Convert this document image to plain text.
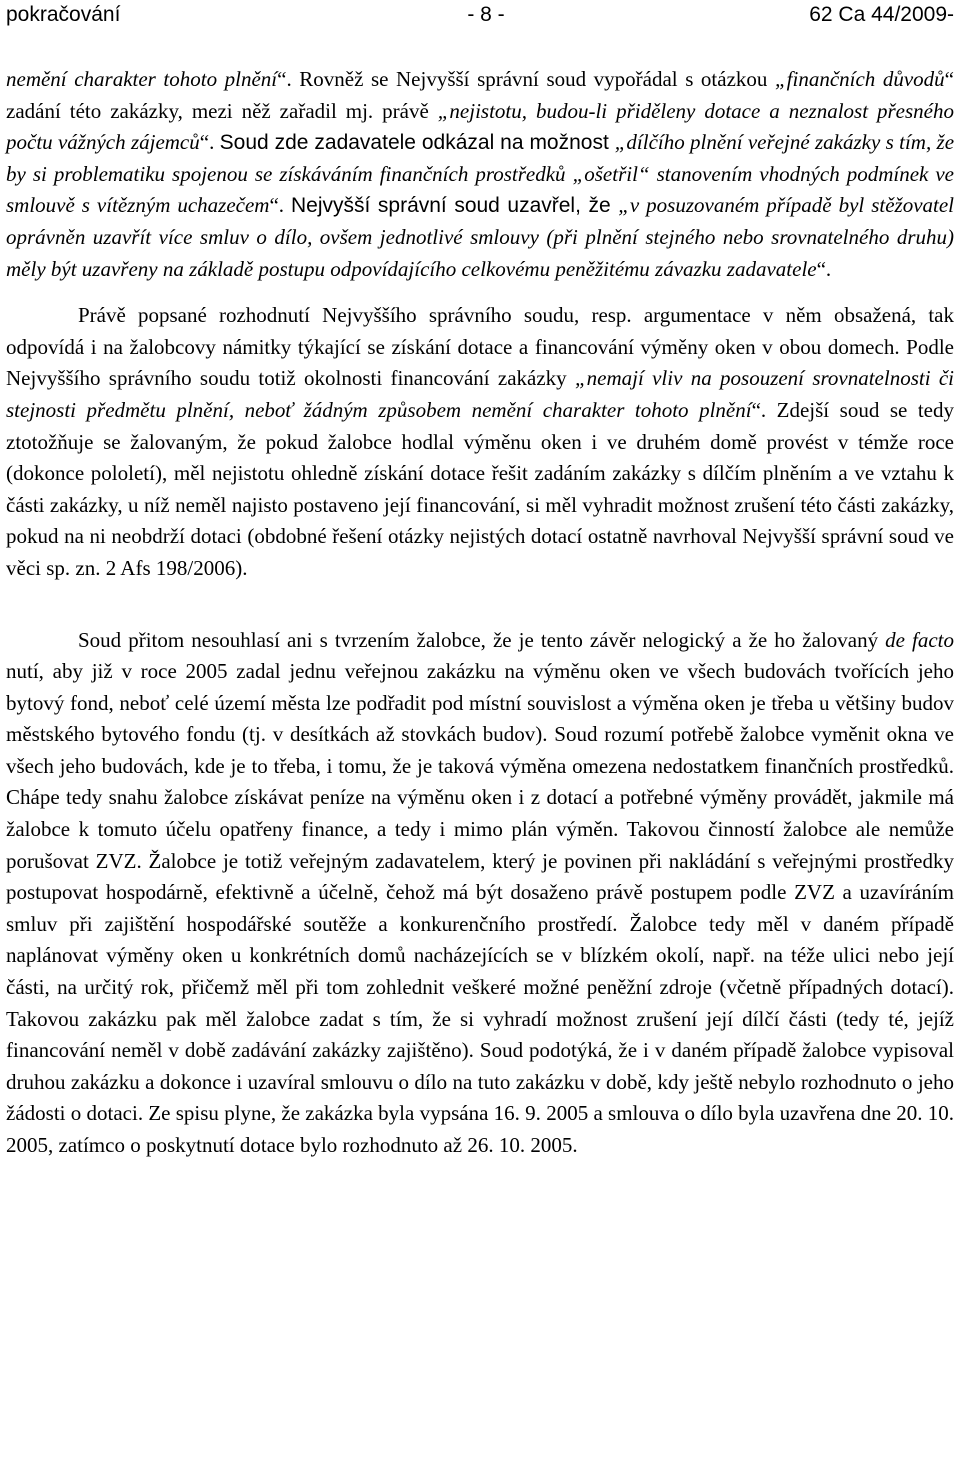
pokračování	- 8 -	62 Ca 44/2009-

nemění charakter tohoto plnění“. Rovněž se Nejvyšší správní soud vypořádal s otázkou „finančních důvodů“ zadání této zakázky, mezi něž zařadil mj. právě „nejistotu, budou-li přiděleny dotace a neznalost přesného počtu vážných zájemců“. Soud zde zadavatele odkázal na možnost „dílčího plnění veřejné zakázky s tím, že by si problematiku spojenou se získáváním finančních prostředků „ošetřil“ stanovením vhodných podmínek ve smlouvě s vítězným uchazečem“. Nejvyšší správní soud uzavřel, že „v posuzovaném případě byl stěžovatel oprávněn uzavřít více smluv o dílo, ovšem jednotlivé smlouvy (při plnění stejného nebo srovnatelného druhu) měly být uzavřeny na základě postupu odpovídajícího celkovému peněžitému závazku zadavatele“.

Právě popsané rozhodnutí Nejvyššího správního soudu, resp. argumentace v něm obsažená, tak odpovídá i na žalobcovy námitky týkající se získání dotace a financování výměny oken v obou domech. Podle Nejvyššího správního soudu totiž okolnosti financování zakázky „nemají vliv na posouzení srovnatelnosti či stejnosti předmětu plnění, neboť žádným způsobem nemění charakter tohoto plnění“. Zdejší soud se tedy ztotožňuje se žalovaným, že pokud žalobce hodlal výměnu oken i ve druhém domě provést v témže roce (dokonce pololetí), měl nejistotu ohledně získání dotace řešit zadáním zakázky s dílčím plněním a ve vztahu k části zakázky, u níž neměl najisto postaveno její financování, si měl vyhradit možnost zrušení této části zakázky, pokud na ni neobdrží dotaci (obdobné řešení otázky nejistých dotací ostatně navrhoval Nejvyšší správní soud ve věci sp. zn. 2 Afs 198/2006).

Soud přitom nesouhlasí ani s tvrzením žalobce, že je tento závěr nelogický a že ho žalovaný de facto nutí, aby již v roce 2005 zadal jednu veřejnou zakázku na výměnu oken ve všech budovách tvořících jeho bytový fond, neboť celé území města lze podřadit pod místní souvislost a výměna oken je třeba u většiny budov městského bytového fondu (tj. v desítkách až stovkách budov). Soud rozumí potřebě žalobce vyměnit okna ve všech jeho budovách, kde je to třeba, i tomu, že je taková výměna omezena nedostatkem finančních prostředků. Chápe tedy snahu žalobce získávat peníze na výměnu oken i z dotací a potřebné výměny provádět, jakmile má žalobce k tomuto účelu opatřeny finance, a tedy i mimo plán výměn. Takovou činností žalobce ale nemůže porušovat ZVZ. Žalobce je totiž veřejným zadavatelem, který je povinen při nakládání s veřejnými prostředky postupovat hospodárně, efektivně a účelně, čehož má být dosaženo právě postupem podle ZVZ a uzavíráním smluv při zajištění hospodářské soutěže a konkurenčního prostředí. Žalobce tedy měl v daném případě naplánovat výměny oken u konkrétních domů nacházejících se v blízkém okolí, např. na téže ulici nebo její části, na určitý rok, přičemž měl při tom zohlednit veškeré možné peněžní zdroje (včetně případných dotací). Takovou zakázku pak měl žalobce zadat s tím, že si vyhradí možnost zrušení její dílčí části (tedy té, jejíž financování neměl v době zadávání zakázky zajištěno). Soud podotýká, že i v daném případě žalobce vypisoval druhou zakázku a dokonce i uzavíral smlouvu o dílo na tuto zakázku v době, kdy ještě nebylo rozhodnuto o jeho žádosti o dotaci. Ze spisu plyne, že zakázka byla vypsána 16. 9. 2005 a smlouva o dílo byla uzavřena dne 20. 10. 2005, zatímco o poskytnutí dotace bylo rozhodnuto až 26. 10. 2005.
